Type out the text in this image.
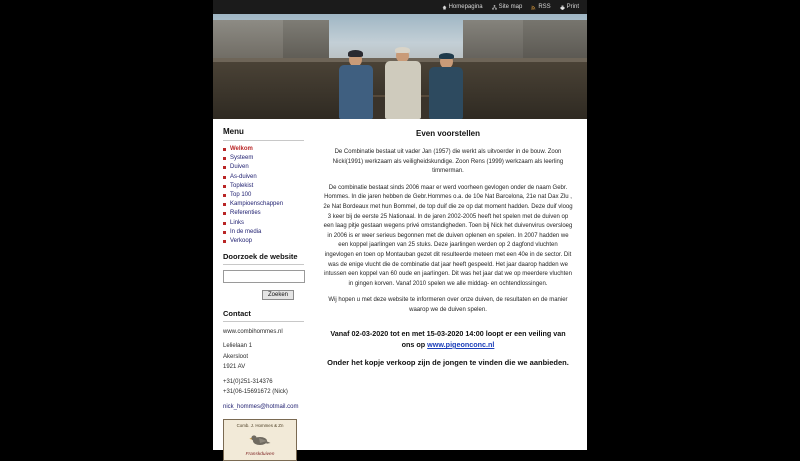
Homepagina	Site map	RSS	Print
Menu
Welkom
Systeem
Duiven
As-duiven
Toplekist
Top 100
Kampioenschappen
Referenties
Links
In de media
Verkoop
Doorzoek de website
Zoeken
Contact
www.combihommes.nl
Lelielaan 1
Akersloot
1921 AV
+31(0)251-314376
+31(06-15691672 (Nick)
nick_hommes@hotmail.com
Comb. J. Hommes & Zn
Franskduiven
Even voorstellen

De Combinatie bestaat uit vader Jan (1957) die werkt als uitvoerder in de bouw. Zoon Nicki(1991) werkzaam als veiligheidskundige. Zoon Rens (1999) werkzaam als leerling timmerman.

De combinatie bestaat sinds 2006 maar er werd voorheen gevlogen onder de naam Gebr. Hommes. In die jaren hebben de Gebr.Hommes o.a. de 10e Nat Barcelona, 21e nat Dax Zlu , 2e Nat Bordeaux met hun Bommel, de top duif die ze op dat moment hadden. Deze duif vloog 3 keer bij de eerste 25 Nationaal. In de jaren 2002-2005 heeft het spelen met de duiven op een laag pitje gestaan wegens privé omstandigheden. Toen bij Nick het duivenvirus oversloeg in 2006 is er weer serieus begonnen met de duiven oplenen en spelen. In 2007 hadden we een koppel jaarlingen van 25 stuks. Deze jaarlingen werden op 2 dagfond vluchten ingevlogen en toen op Montauban gezet dit resulteerde meteen met een 40e in de sector. Dit was de enige vlucht die de combinatie dat jaar heeft gespeeld. Het jaar daarop hadden we intussen een koppel van 60 oude en jaarlingen. Dit was het jaar dat we op meerdere vluchten in gingen korven. Vanaf 2010 spelen we alle middag- en ochtendlossingen.

Wij hopen u met deze website te informeren over onze duiven, de resultaten en de manier waarop we de duiven spelen.

Vanaf 02-03-2020 tot en met 15-03-2020 14:00 loopt er een veiling van
ons op www.pigeonconc.nl
Onder het kopje verkoop zijn de jongen te vinden die we aanbieden.
